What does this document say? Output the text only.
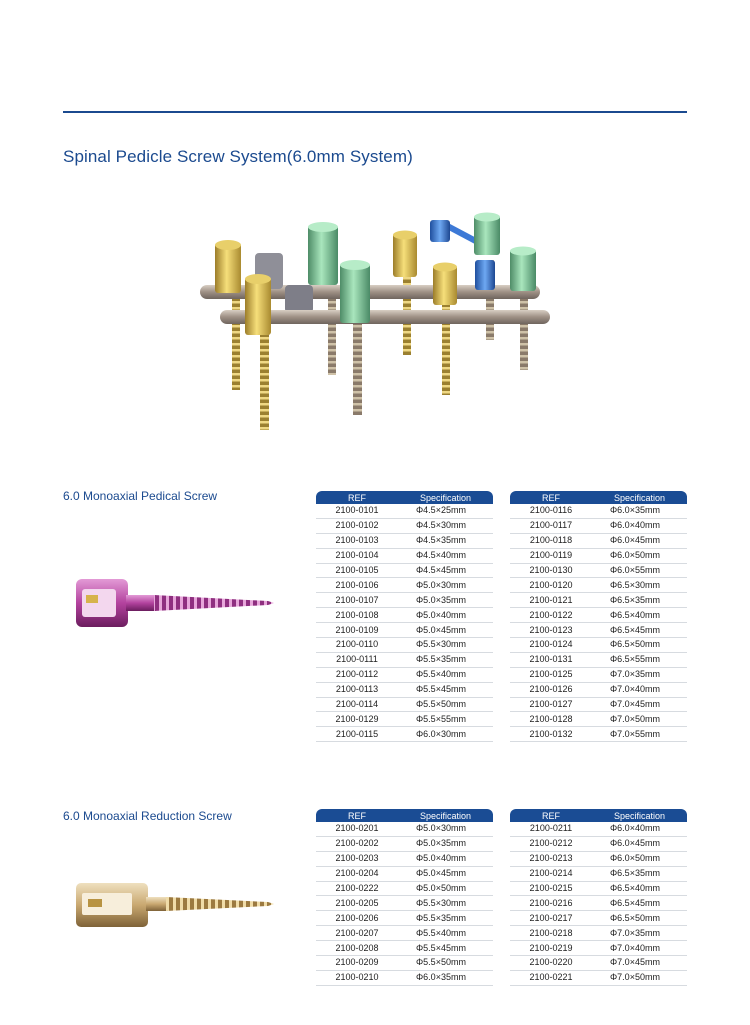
Spinal Pedicle Screw System(6.0mm System)
6.0 Monoaxial Pedical Screw	REF	Specification
2100-0101	Φ4.5×25mm
2100-0102	Φ4.5×30mm
2100-0103	Φ4.5×35mm
2100-0104	Φ4.5×40mm
2100-0105	Φ4.5×45mm
2100-0106	Φ5.0×30mm
2100-0107	Φ5.0×35mm
2100-0108	Φ5.0×40mm
2100-0109	Φ5.0×45mm
2100-0110	Φ5.5×30mm
2100-0111	Φ5.5×35mm
2100-0112	Φ5.5×40mm
2100-0113	Φ5.5×45mm
2100-0114	Φ5.5×50mm
2100-0129	Φ5.5×55mm
2100-0115	Φ6.0×30mm
REF	Specification
2100-0116	Φ6.0×35mm
2100-0117	Φ6.0×40mm
2100-0118	Φ6.0×45mm
2100-0119	Φ6.0×50mm
2100-0130	Φ6.0×55mm
2100-0120	Φ6.5×30mm
2100-0121	Φ6.5×35mm
2100-0122	Φ6.5×40mm
2100-0123	Φ6.5×45mm
2100-0124	Φ6.5×50mm
2100-0131	Φ6.5×55mm
2100-0125	Φ7.0×35mm
2100-0126	Φ7.0×40mm
2100-0127	Φ7.0×45mm
2100-0128	Φ7.0×50mm
2100-0132	Φ7.0×55mm
6.0 Monoaxial Reduction Screw	REF	Specification
2100-0201	Φ5.0×30mm
2100-0202	Φ5.0×35mm
2100-0203	Φ5.0×40mm
2100-0204	Φ5.0×45mm
2100-0222	Φ5.0×50mm
2100-0205	Φ5.5×30mm
2100-0206	Φ5.5×35mm
2100-0207	Φ5.5×40mm
2100-0208	Φ5.5×45mm
2100-0209	Φ5.5×50mm
2100-0210	Φ6.0×35mm
REF	Specification
2100-0211	Φ6.0×40mm
2100-0212	Φ6.0×45mm
2100-0213	Φ6.0×50mm
2100-0214	Φ6.5×35mm
2100-0215	Φ6.5×40mm
2100-0216	Φ6.5×45mm
2100-0217	Φ6.5×50mm
2100-0218	Φ7.0×35mm
2100-0219	Φ7.0×40mm
2100-0220	Φ7.0×45mm
2100-0221	Φ7.0×50mm
